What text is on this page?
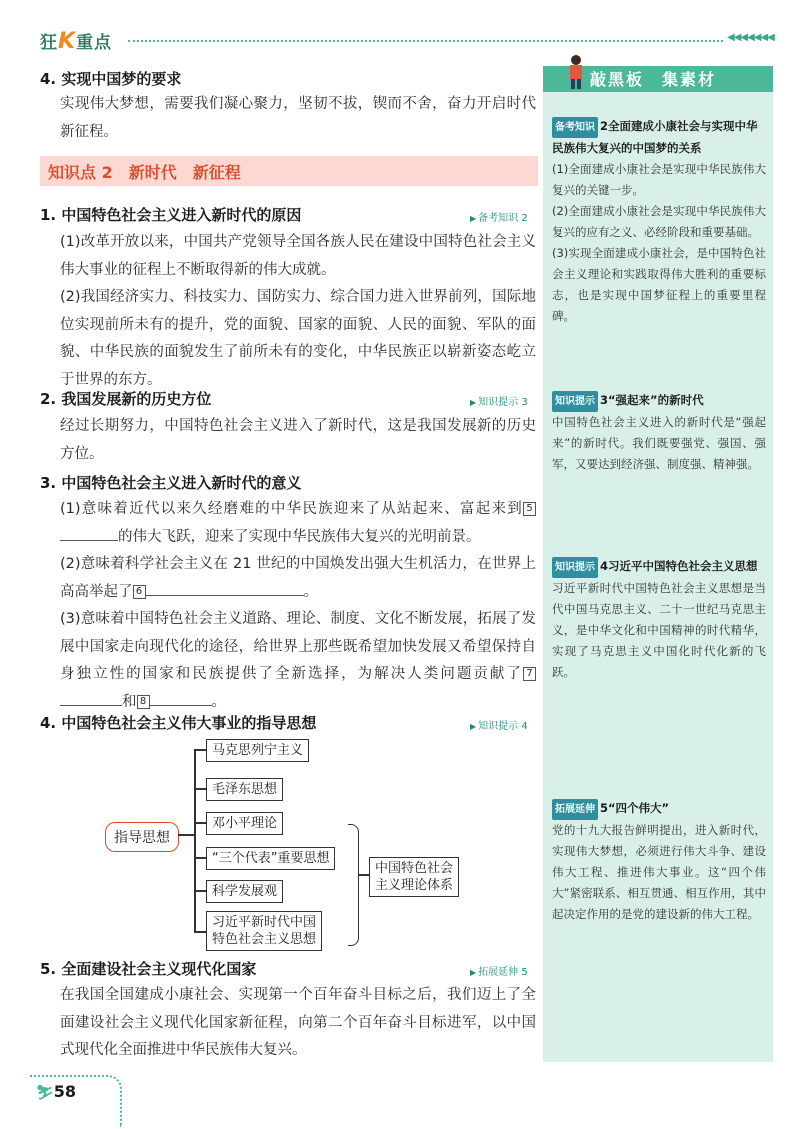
狂K重点	◀◀◀◀◀◀◀
4. 实现中国梦的要求
实现伟大梦想，需要我们凝心聚力，坚韧不拔，锲而不舍，奋力开启时代新征程。
知识点 2　新时代　新征程
1. 中国特色社会主义进入新时代的原因	▶ 备考知识 2
(1)改革开放以来，中国共产党领导全国各族人民在建设中国特色社会主义伟大事业的征程上不断取得新的伟大成就。
(2)我国经济实力、科技实力、国防实力、综合国力进入世界前列，国际地位实现前所未有的提升，党的面貌、国家的面貌、人民的面貌、军队的面貌、中华民族的面貌发生了前所未有的变化，中华民族正以崭新姿态屹立于世界的东方。
2. 我国发展新的历史方位	▶ 知识提示 3
经过长期努力，中国特色社会主义进入了新时代，这是我国发展新的历史方位。
3. 中国特色社会主义进入新时代的意义
(1)意味着近代以来久经磨难的中华民族迎来了从站起来、富起来到 5的伟大飞跃，迎来了实现中华民族伟大复兴的光明前景。
(2)意味着科学社会主义在 21 世纪的中国焕发出强大生机活力，在世界上高高举起了 6	。
(3)意味着中国特色社会主义道路、理论、制度、文化不断发展，拓展了发展中国家走向现代化的途径，给世界上那些既希望加快发展又希望保持自身独立性的国家和民族提供了全新选择，为解决人类问题贡献了 7和 8	。
4. 中国特色社会主义伟大事业的指导思想	▶ 知识提示 4
指导思想
马克思列宁主义
毛泽东思想
邓小平理论
“三个代表”重要思想
科学发展观
习近平新时代中国
特色社会主义思想
中国特色社会
主义理论体系
5. 全面建设社会主义现代化国家	▶ 拓展延伸 5
在我国全国建成小康社会、实现第一个百年奋斗目标之后，我们迈上了全面建设社会主义现代化国家新征程，向第二个百年奋斗目标进军，以中国式现代化全面推进中华民族伟大复兴。
敲黑板　集素材
备考知识 2全面建成小康社会与实现中华民族伟大复兴的中国梦的关系
(1)全面建成小康社会是实现中华民族伟大复兴的关键一步。
(2)全面建成小康社会是实现中华民族伟大复兴的应有之义、必经阶段和重要基础。
(3)实现全面建成小康社会，是中国特色社会主义理论和实践取得伟大胜利的重要标志，也是实现中国梦征程上的重要里程碑。
知识提示 3“强起来”的新时代
中国特色社会主义进入的新时代是“强起来”的新时代。我们既要强党、强国、强军，又要达到经济强、制度强、精神强。
知识提示 4习近平中国特色社会主义思想
习近平新时代中国特色社会主义思想是当代中国马克思主义、二十一世纪马克思主义，是中华文化和中国精神的时代精华，实现了马克思主义中国化时代化新的飞跃。
拓展延伸 5“四个伟大”
党的十九大报告鲜明提出，进入新时代，实现伟大梦想，必须进行伟大斗争、建设伟大工程、推进伟大事业。这“四个伟大”紧密联系、相互贯通、相互作用，其中起决定作用的是党的建设新的伟大工程。
⛷58
